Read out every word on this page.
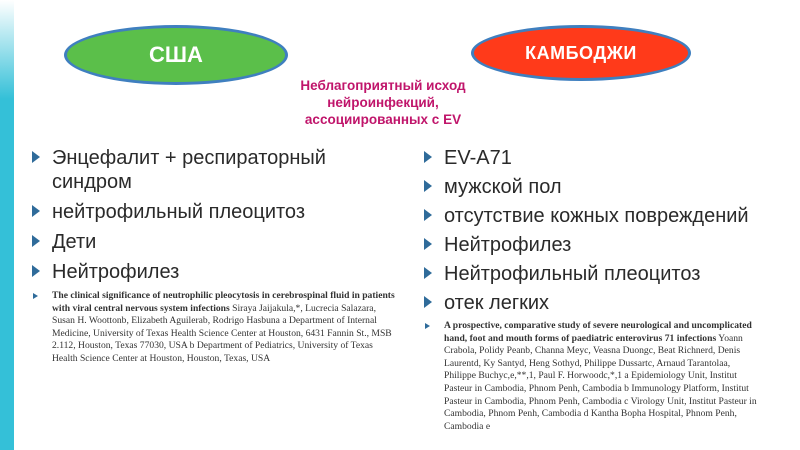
США	КАМБОДЖИ
Неблагоприятный исход
нейроинфекций,
ассоциированных с EV
Энцефалит + респираторный синдром
нейтрофильный плеоцитоз
Дети
Нейтрофилез
The clinical significance of neutrophilic pleocytosis in cerebrospinal fluid in patients with viral central nervous system infections Siraya Jaijakula,*, Lucrecia Salazara, Susan H. Woottonb, Elizabeth Aguilerab, Rodrigo Hasbuna a Department of Internal Medicine, University of Texas Health Science Center at Houston, 6431 Fannin St., MSB 2.112, Houston, Texas 77030, USA b Department of Pediatrics, University of Texas Health Science Center at Houston, Houston, Texas, USA
EV-A71
мужской пол
отсутствие кожных повреждений
Нейтрофилез
Нейтрофильный плеоцитоз
отек легких
A prospective, comparative study of severe neurological and uncomplicated hand, foot and mouth forms of paediatric enterovirus 71 infections Yoann Crabola, Polidy Peanb, Channa Meyc, Veasna Duongc, Beat Richnerd, Denis Laurentd, Ky Santyd, Heng Sothyd, Philippe Dussartc, Arnaud Tarantolaa, Philippe Buchyc,e,**,1, Paul F. Horwoodc,*,1 a Epidemiology Unit, Institut Pasteur in Cambodia, Phnom Penh, Cambodia b Immunology Platform, Institut Pasteur in Cambodia, Phnom Penh, Cambodia c Virology Unit, Institut Pasteur in Cambodia, Phnom Penh, Cambodia d Kantha Bopha Hospital, Phnom Penh, Cambodia e
